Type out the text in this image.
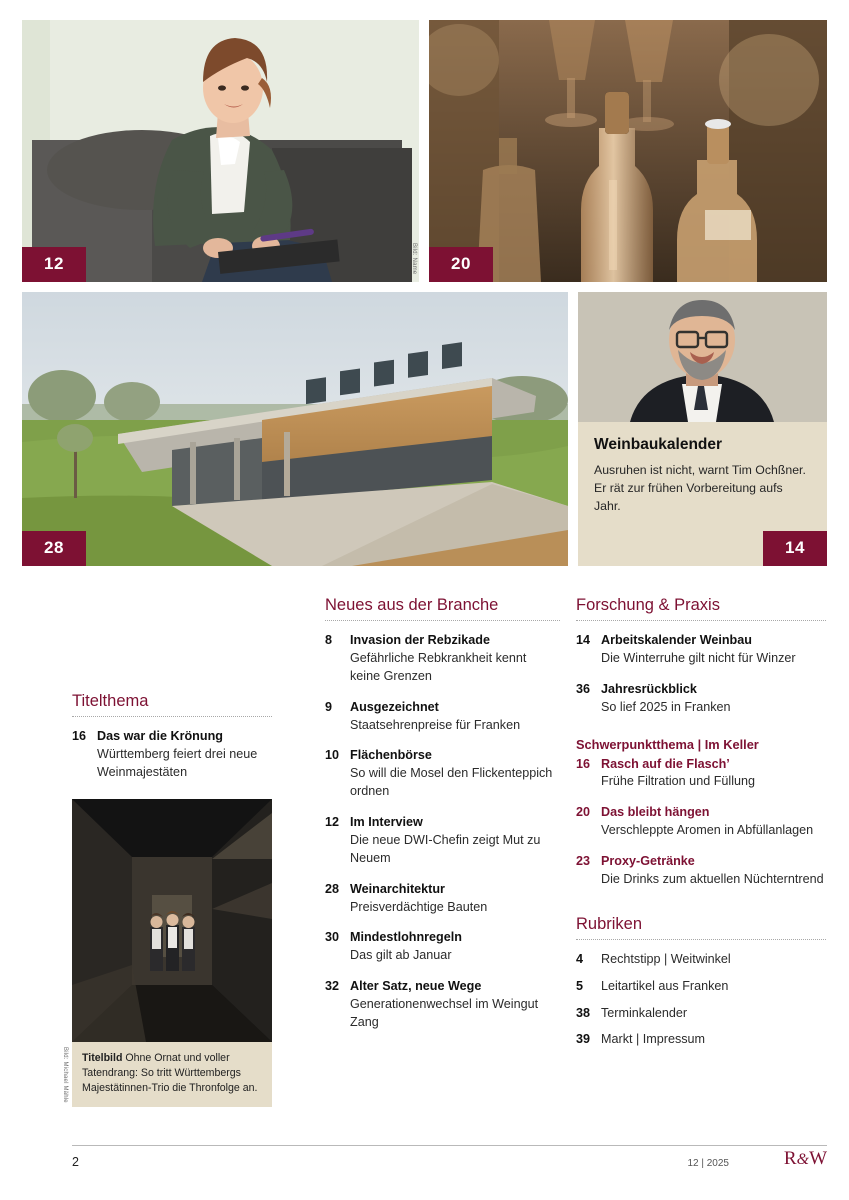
12	Bild: Name	20
28
Weinbaukalender
Ausruhen ist nicht, warnt Tim Ochßner. Er rät zur frühen Vorbereitung aufs Jahr.
14
Titelthema
16 Das war die Krönung
Württemberg feiert drei neue Weinmajestäten
Bild: Michael Mähle	Titelbild Ohne Ornat und voller Tatendrang: So tritt Württembergs Majestätinnen-Trio die Thronfolge an.
Neues aus der Branche
8	Invasion der Rebzikade
Gefährliche Rebkrankheit kennt keine Grenzen
9	Ausgezeichnet
Staatsehrenpreise für Franken
10 Flächenbörse
So will die Mosel den Flickenteppich ordnen
12 Im Interview
Die neue DWI-Chefin zeigt Mut zu Neuem
28 Weinarchitektur
Preisverdächtige Bauten
30 Mindestlohnregeln
Das gilt ab Januar
32 Alter Satz, neue Wege
Generationenwechsel im Weingut Zang
Forschung & Praxis
14 Arbeitskalender Weinbau
Die Winterruhe gilt nicht für Winzer
36 Jahresrückblick
So lief 2025 in Franken
Schwerpunktthema | Im Keller
16 Rasch auf die Flasch’
Frühe Filtration und Füllung
20 Das bleibt hängen
Verschleppte Aromen in Abfüllanlagen
23 Proxy-Getränke
Die Drinks zum aktuellen Nüchterntrend
Rubriken
4	Rechtstipp | Weitwinkel
5	Leitartikel aus Franken
38 Terminkalender
39 Markt | Impressum
2	12 | 2025	R&W
